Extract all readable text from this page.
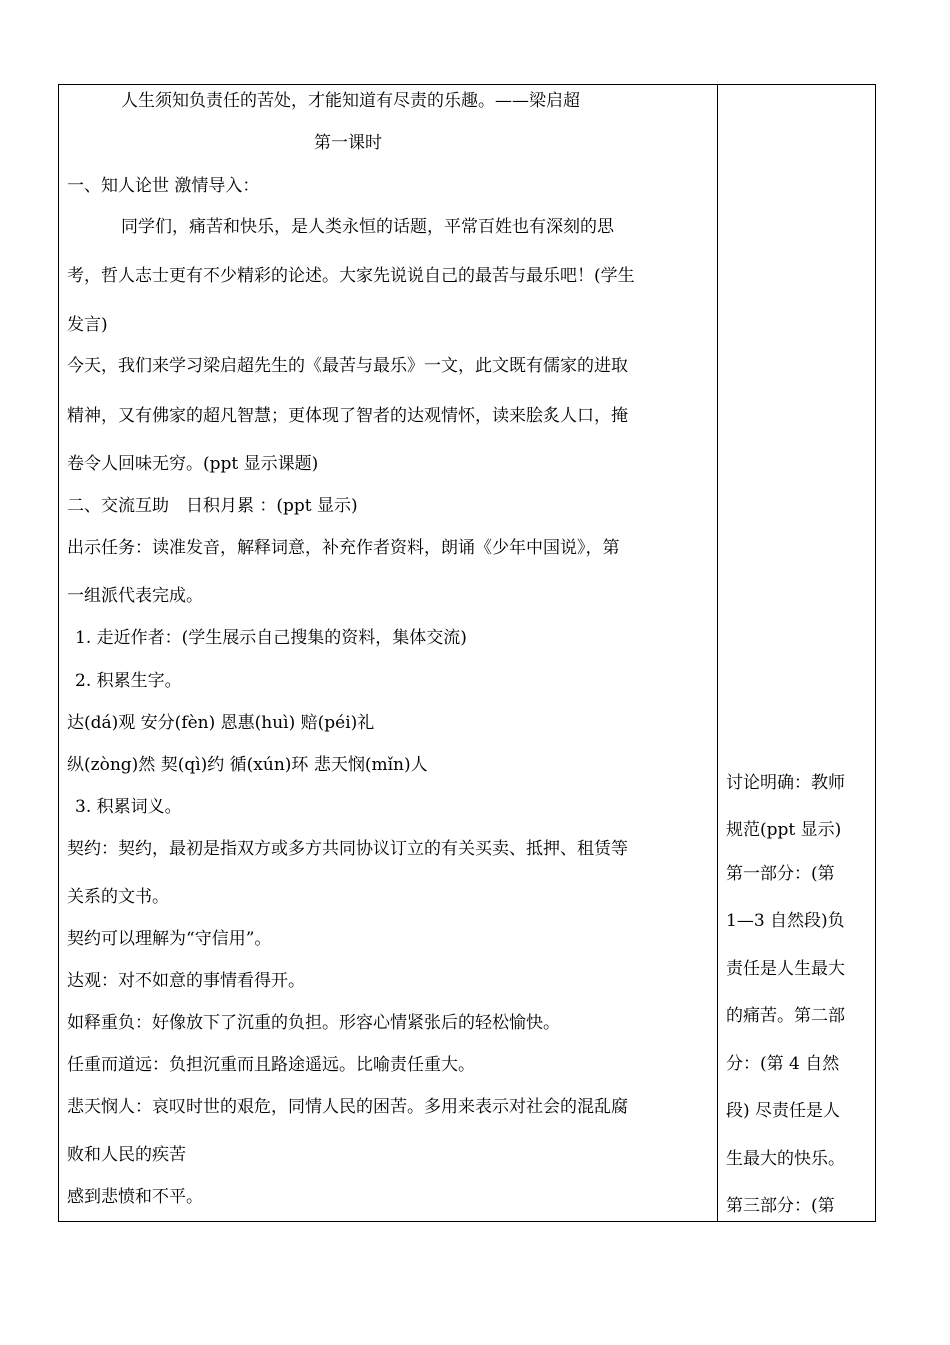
人生须知负责任的苦处，才能知道有尽责的乐趣。——梁启超
第一课时
一、知人论世 激情导入：
同学们，痛苦和快乐，是人类永恒的话题，平常百姓也有深刻的思
考，哲人志士更有不少精彩的论述。大家先说说自己的最苦与最乐吧！(学生
发言)
今天，我们来学习梁启超先生的《最苦与最乐》一文，此文既有儒家的进取
精神，又有佛家的超凡智慧；更体现了智者的达观情怀，读来脍炙人口，掩
卷令人回味无穷。(ppt 显示课题)
二、交流互助　日积月累 ：(ppt 显示)
出示任务：读准发音，解释词意，补充作者资料，朗诵《少年中国说》，第
一组派代表完成。
1. 走近作者：(学生展示自己搜集的资料，集体交流)
2. 积累生字。
达(dá)观 安分(fèn) 恩惠(huì) 赔(péi)礼
纵(zòng)然 契(qì)约 循(xún)环 悲天悯(mǐn)人
3. 积累词义。
契约：契约，最初是指双方或多方共同协议订立的有关买卖、抵押、租赁等
关系的文书。
契约可以理解为“守信用”。
达观：对不如意的事情看得开。
如释重负：好像放下了沉重的负担。形容心情紧张后的轻松愉快。
任重而道远：负担沉重而且路途遥远。比喻责任重大。
悲天悯人：哀叹时世的艰危，同情人民的困苦。多用来表示对社会的混乱腐
败和人民的疾苦
感到悲愤和不平。
讨论明确：教师
规范(ppt 显示)
第一部分：(第
1—3 自然段)负
责任是人生最大
的痛苦。第二部
分：(第 4 自然
段) 尽责任是人
生最大的快乐。
第三部分：(第
